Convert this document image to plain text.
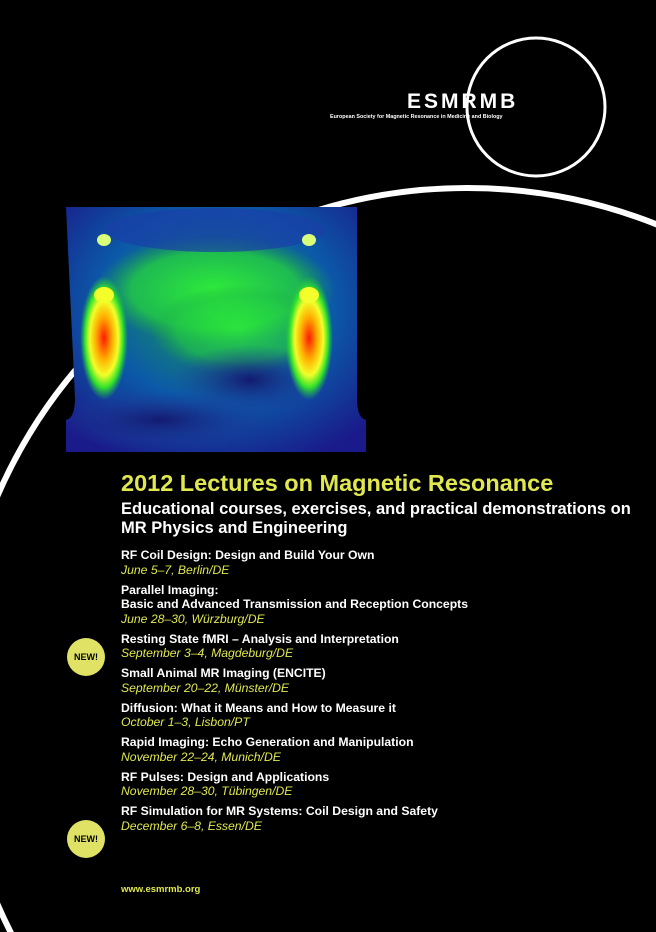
ESMRMB
European Society for Magnetic Resonance in Medicine and Biology
2012 Lectures on Magnetic Resonance
Educational courses, exercises, and practical demonstrations on MR Physics and Engineering
RF Coil Design: Design and Build Your Own
June 5–7, Berlin/DE
Parallel Imaging:
Basic and Advanced Transmission and Reception Concepts
June 28–30, Würzburg/DE
Resting State fMRI – Analysis and Interpretation
September 3–4, Magdeburg/DE
Small Animal MR Imaging (ENCITE)
September 20–22, Münster/DE
Diffusion: What it Means and How to Measure it
October 1–3, Lisbon/PT
Rapid Imaging: Echo Generation and Manipulation
November 22–24, Munich/DE
RF Pulses: Design and Applications
November 28–30, Tübingen/DE
RF Simulation for MR Systems: Coil Design and Safety
December 6–8, Essen/DE
NEW!
NEW!
www.esmrmb.org
